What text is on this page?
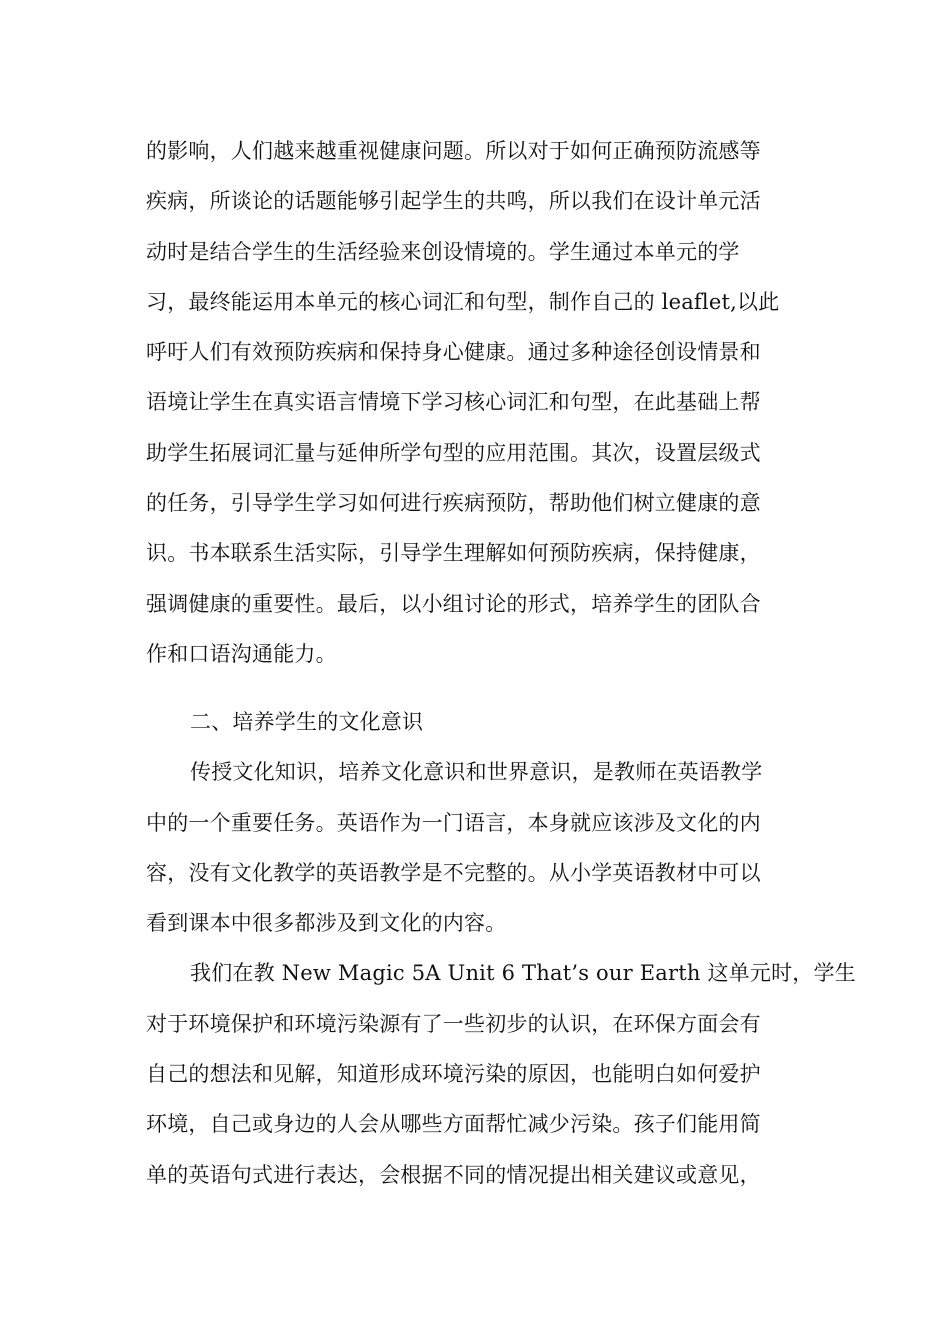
的影响，人们越来越重视健康问题。所以对于如何正确预防流感等
疾病，所谈论的话题能够引起学生的共鸣，所以我们在设计单元活
动时是结合学生的生活经验来创设情境的。学生通过本单元的学
习，最终能运用本单元的核心词汇和句型，制作自己的 leaflet,以此
呼吁人们有效预防疾病和保持身心健康。通过多种途径创设情景和
语境让学生在真实语言情境下学习核心词汇和句型，在此基础上帮
助学生拓展词汇量与延伸所学句型的应用范围。其次，设置层级式
的任务，引导学生学习如何进行疾病预防，帮助他们树立健康的意
识。书本联系生活实际，引导学生理解如何预防疾病，保持健康，
强调健康的重要性。最后，以小组讨论的形式，培养学生的团队合
作和口语沟通能力。
二、培养学生的文化意识
传授文化知识，培养文化意识和世界意识，是教师在英语教学
中的一个重要任务。英语作为一门语言，本身就应该涉及文化的内
容，没有文化教学的英语教学是不完整的。从小学英语教材中可以
看到课本中很多都涉及到文化的内容。
我们在教 New Magic 5A Unit 6 That’s our Earth 这单元时，学生
对于环境保护和环境污染源有了一些初步的认识，在环保方面会有
自己的想法和见解，知道形成环境污染的原因，也能明白如何爱护
环境，自己或身边的人会从哪些方面帮忙减少污染。孩子们能用简
单的英语句式进行表达，会根据不同的情况提出相关建议或意见，
